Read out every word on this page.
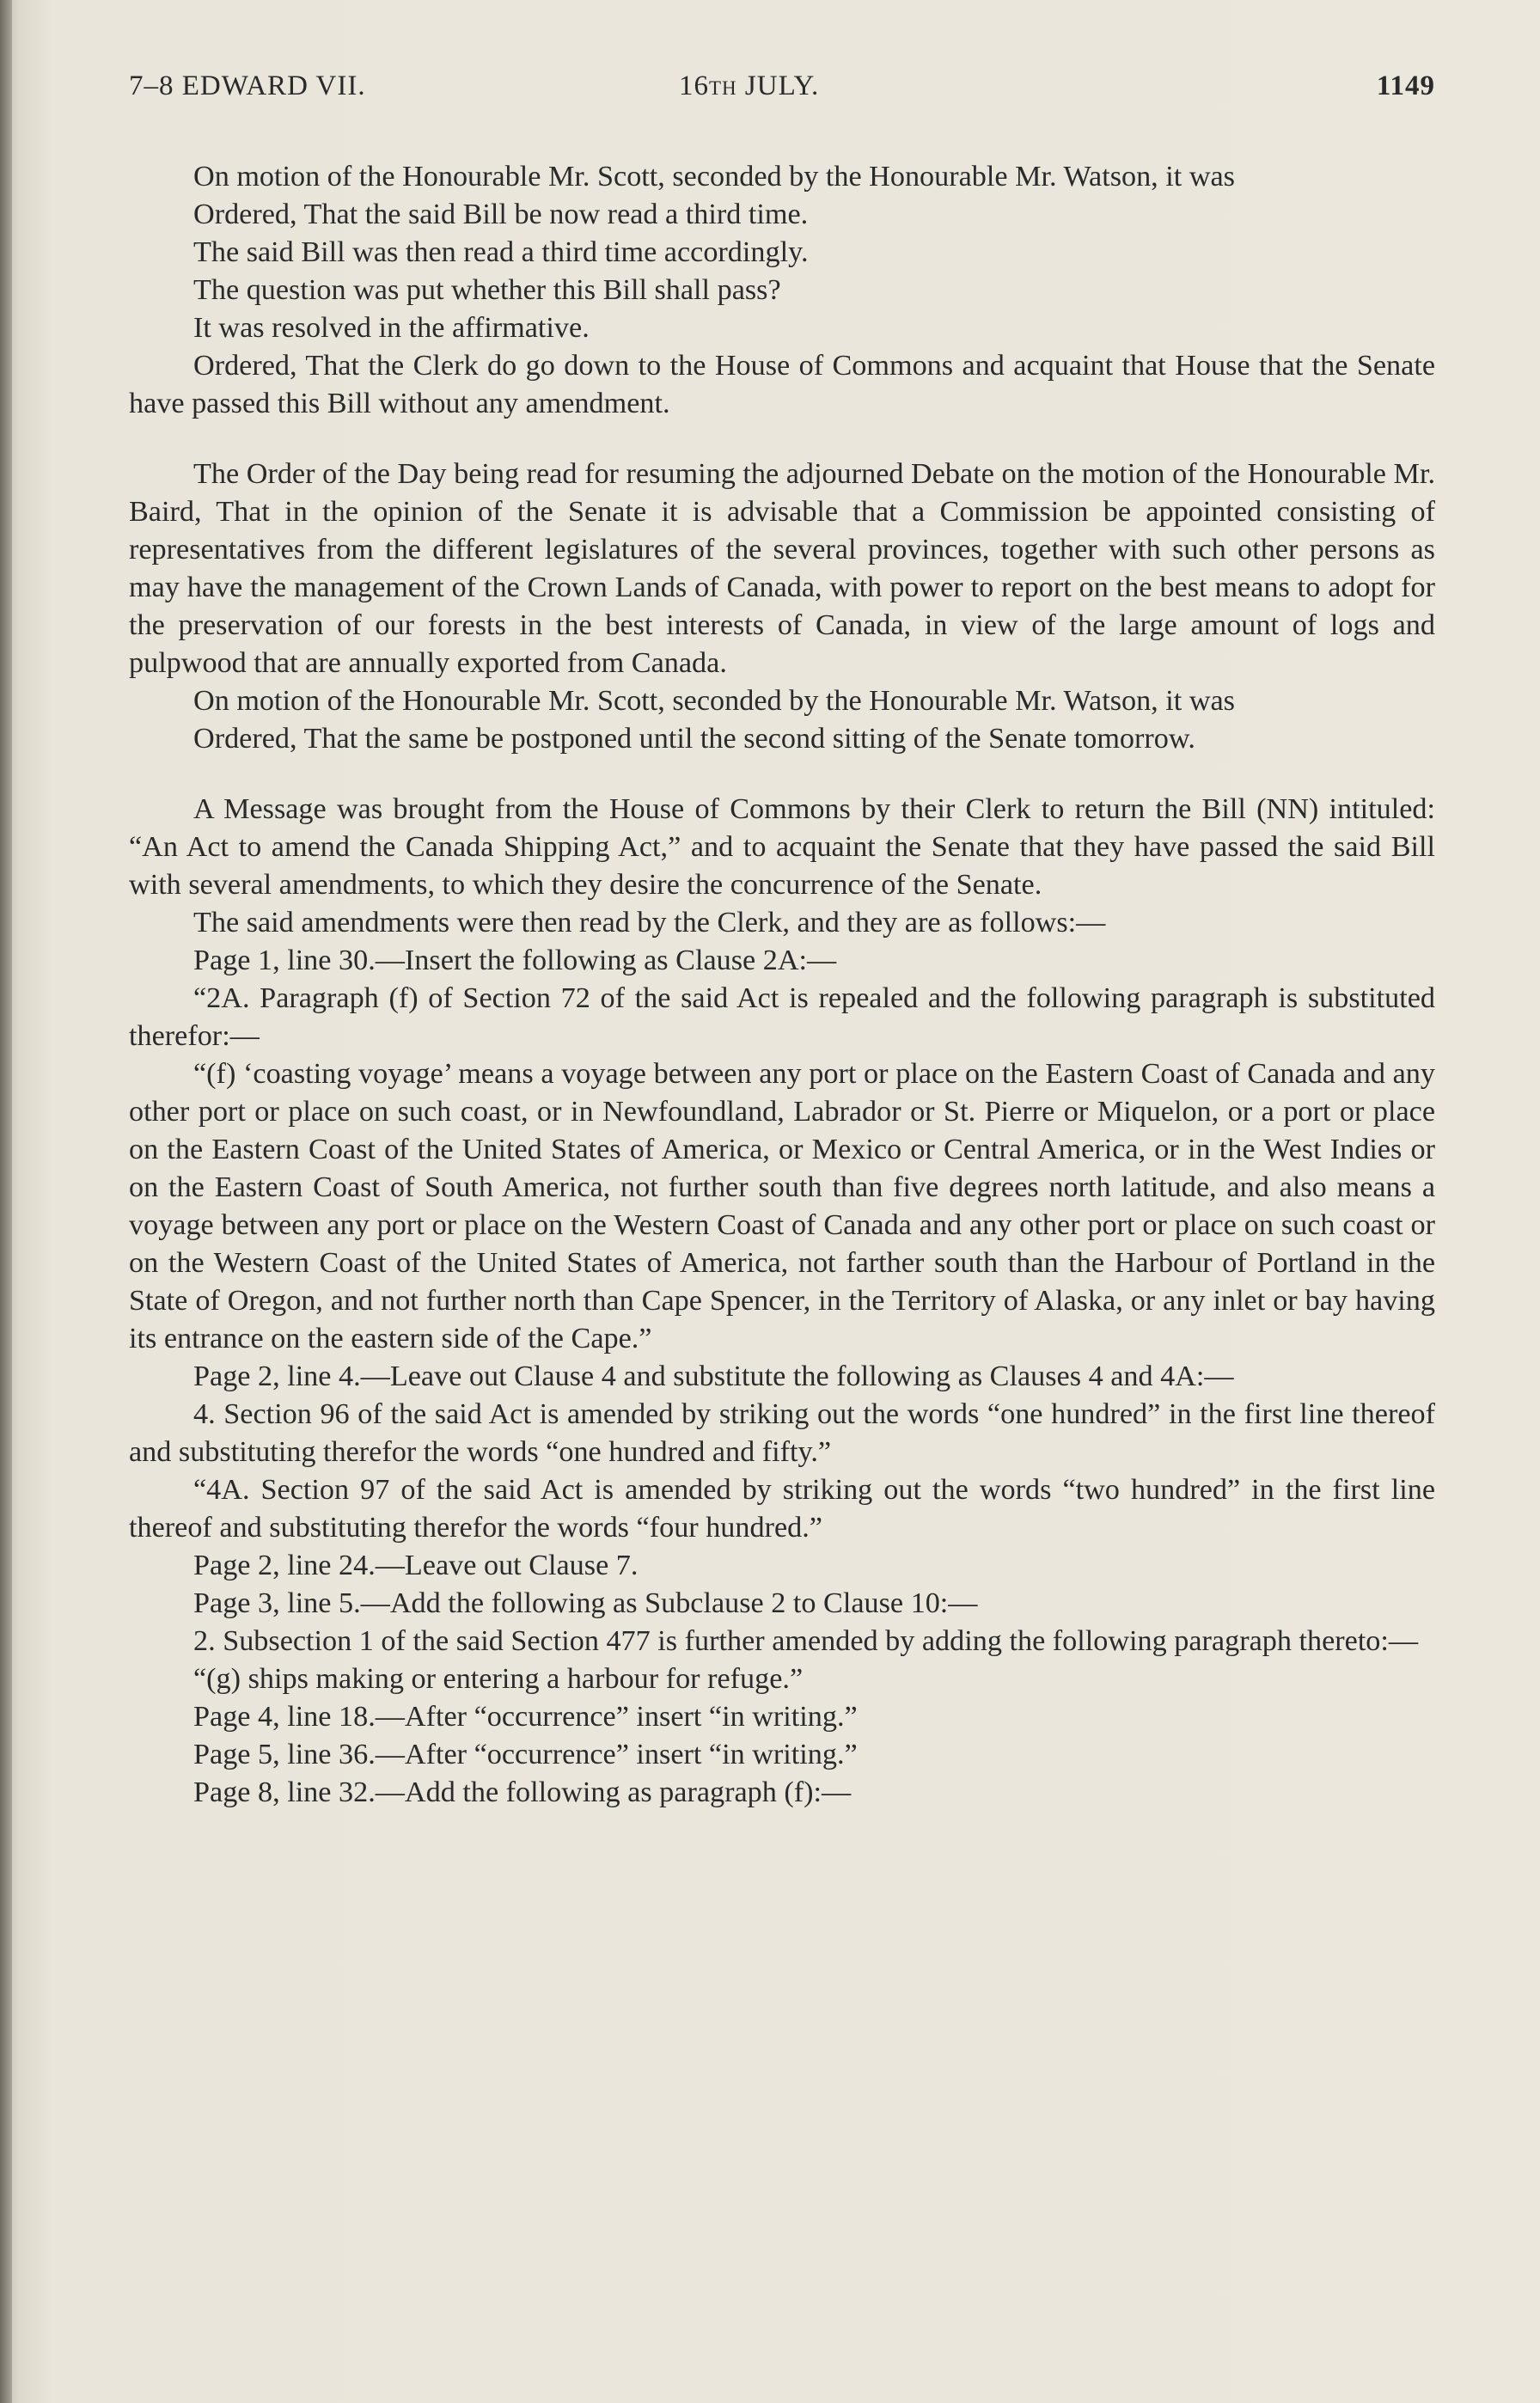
7–8 EDWARD VII.	16TH JULY.	1149

On motion of the Honourable Mr. Scott, seconded by the Honourable Mr. Watson, it was

Ordered, That the said Bill be now read a third time.

The said Bill was then read a third time accordingly.

The question was put whether this Bill shall pass?

It was resolved in the affirmative.

Ordered, That the Clerk do go down to the House of Commons and acquaint that House that the Senate have passed this Bill without any amendment.

The Order of the Day being read for resuming the adjourned Debate on the motion of the Honourable Mr. Baird, That in the opinion of the Senate it is advisable that a Commission be appointed consisting of representatives from the different legislatures of the several provinces, together with such other persons as may have the management of the Crown Lands of Canada, with power to report on the best means to adopt for the preservation of our forests in the best interests of Canada, in view of the large amount of logs and pulpwood that are annually exported from Canada.

On motion of the Honourable Mr. Scott, seconded by the Honourable Mr. Watson, it was

Ordered, That the same be postponed until the second sitting of the Senate tomorrow.

A Message was brought from the House of Commons by their Clerk to return the Bill (NN) intituled: “An Act to amend the Canada Shipping Act,” and to acquaint the Senate that they have passed the said Bill with several amendments, to which they desire the concurrence of the Senate.

The said amendments were then read by the Clerk, and they are as follows:—

Page 1, line 30.—Insert the following as Clause 2A:—

“2A. Paragraph (f) of Section 72 of the said Act is repealed and the following paragraph is substituted therefor:—

“(f) ‘coasting voyage’ means a voyage between any port or place on the Eastern Coast of Canada and any other port or place on such coast, or in Newfoundland, Labrador or St. Pierre or Miquelon, or a port or place on the Eastern Coast of the United States of America, or Mexico or Central America, or in the West Indies or on the Eastern Coast of South America, not further south than five degrees north latitude, and also means a voyage between any port or place on the Western Coast of Canada and any other port or place on such coast or on the Western Coast of the United States of America, not farther south than the Harbour of Portland in the State of Oregon, and not further north than Cape Spencer, in the Territory of Alaska, or any inlet or bay having its entrance on the eastern side of the Cape.”

Page 2, line 4.—Leave out Clause 4 and substitute the following as Clauses 4 and 4A:—

4. Section 96 of the said Act is amended by striking out the words “one hundred” in the first line thereof and substituting therefor the words “one hundred and fifty.”

“4A. Section 97 of the said Act is amended by striking out the words “two hundred” in the first line thereof and substituting therefor the words “four hundred.”

Page 2, line 24.—Leave out Clause 7.

Page 3, line 5.—Add the following as Subclause 2 to Clause 10:—

2. Subsection 1 of the said Section 477 is further amended by adding the following paragraph thereto:—

“(g) ships making or entering a harbour for refuge.”

Page 4, line 18.—After “occurrence” insert “in writing.”

Page 5, line 36.—After “occurrence” insert “in writing.”

Page 8, line 32.—Add the following as paragraph (f):—
